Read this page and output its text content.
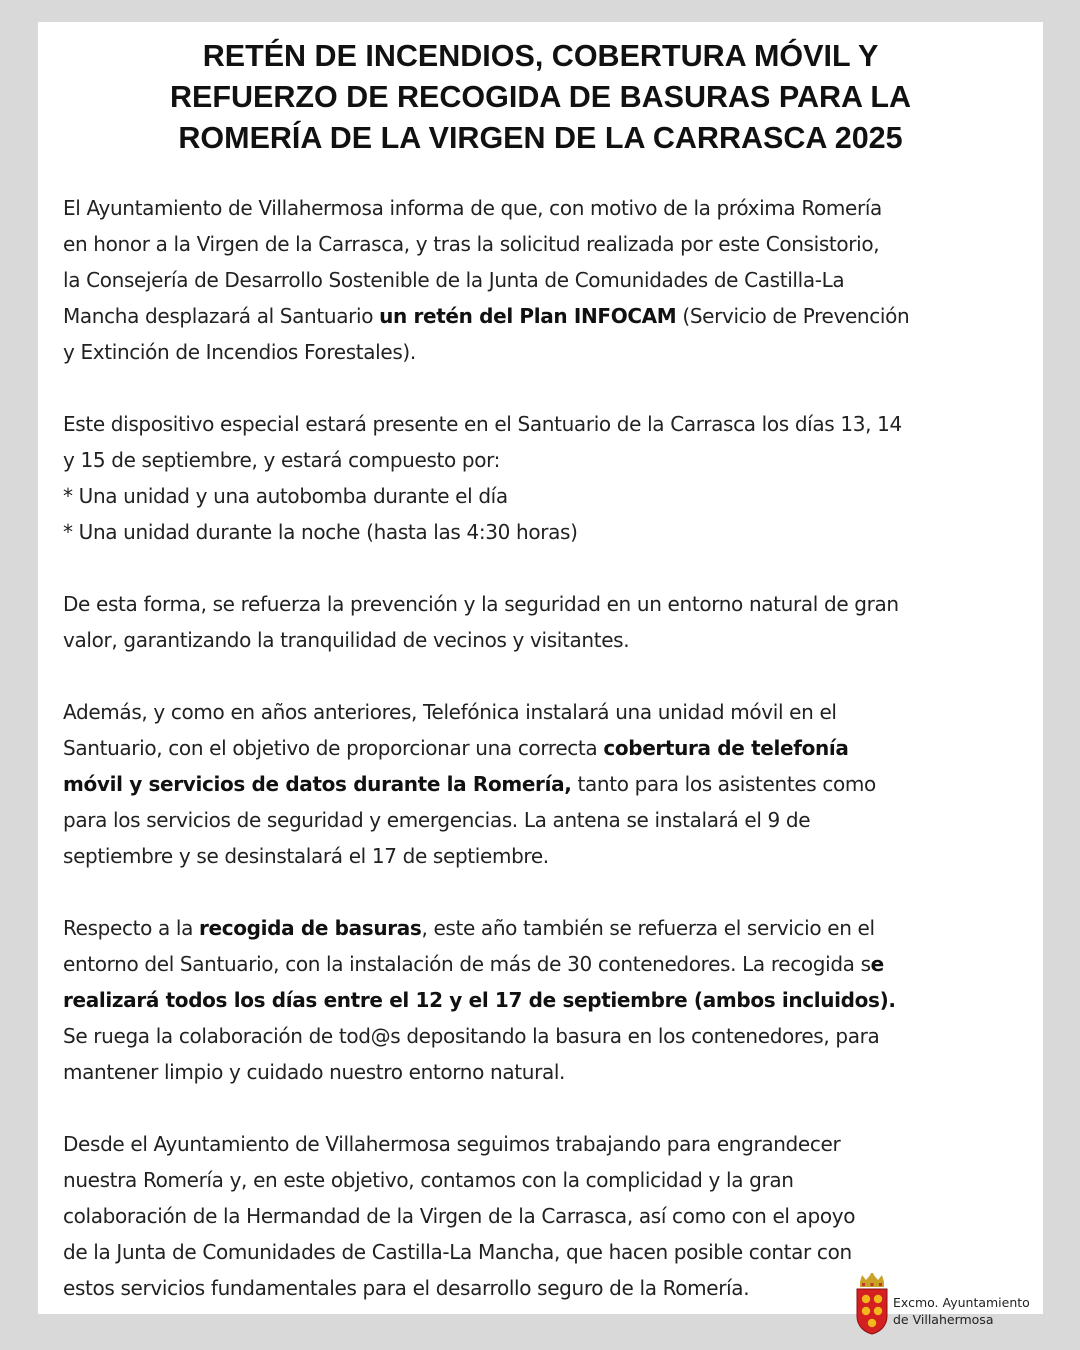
RETÉN DE INCENDIOS, COBERTURA MÓVIL Y
REFUERZO DE RECOGIDA DE BASURAS PARA LA
ROMERÍA DE LA VIRGEN DE LA CARRASCA 2025
El Ayuntamiento de Villahermosa informa de que, con motivo de la próxima Romería
en honor a la Virgen de la Carrasca, y tras la solicitud realizada por este Consistorio,
la Consejería de Desarrollo Sostenible de la Junta de Comunidades de Castilla-La
Mancha desplazará al Santuario un retén del Plan INFOCAM (Servicio de Prevención
y Extinción de Incendios Forestales).
Este dispositivo especial estará presente en el Santuario de la Carrasca los días 13, 14
y 15 de septiembre, y estará compuesto por:
* Una unidad y una autobomba durante el día
* Una unidad durante la noche (hasta las 4:30 horas)
De esta forma, se refuerza la prevención y la seguridad en un entorno natural de gran
valor, garantizando la tranquilidad de vecinos y visitantes.
Además, y como en años anteriores, Telefónica instalará una unidad móvil en el
Santuario, con el objetivo de proporcionar una correcta cobertura de telefonía
móvil y servicios de datos durante la Romería, tanto para los asistentes como
para los servicios de seguridad y emergencias. La antena se instalará el 9 de
septiembre y se desinstalará el 17 de septiembre.
Respecto a la recogida de basuras, este año también se refuerza el servicio en el
entorno del Santuario, con la instalación de más de 30 contenedores. La recogida se
realizará todos los días entre el 12 y el 17 de septiembre (ambos incluidos).
Se ruega la colaboración de tod@s depositando la basura en los contenedores, para
mantener limpio y cuidado nuestro entorno natural.
Desde el Ayuntamiento de Villahermosa seguimos trabajando para engrandecer
nuestra Romería y, en este objetivo, contamos con la complicidad y la gran
colaboración de la Hermandad de la Virgen de la Carrasca, así como con el apoyo
de la Junta de Comunidades de Castilla-La Mancha, que hacen posible contar con
estos servicios fundamentales para el desarrollo seguro de la Romería.
Excmo. Ayuntamiento
de Villahermosa
